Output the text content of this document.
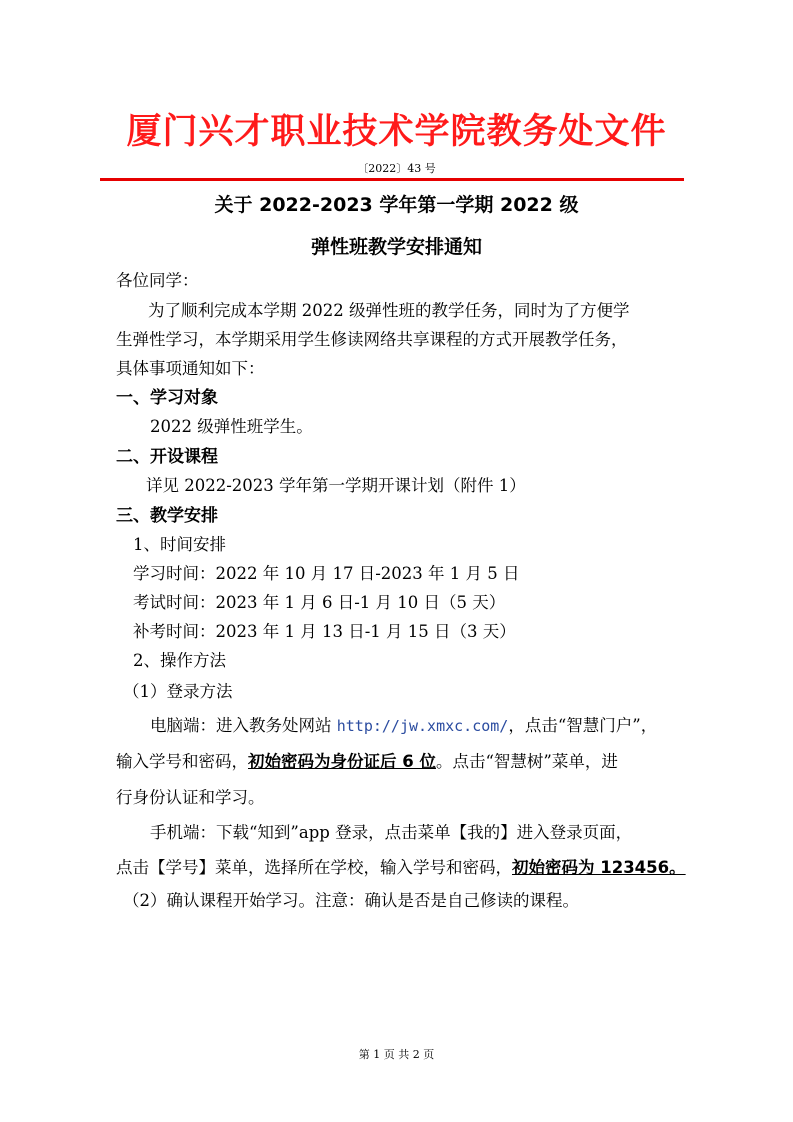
厦门兴才职业技术学院教务处文件
〔2022〕43 号
关于 2022-2023 学年第一学期 2022 级
弹性班教学安排通知
各位同学：
为了顺利完成本学期 2022 级弹性班的教学任务，同时为了方便学
生弹性学习，本学期采用学生修读网络共享课程的方式开展教学任务，
具体事项通知如下：
一、学习对象
2022 级弹性班学生。
二、开设课程
详见 2022-2023 学年第一学期开课计划（附件 1）
三、教学安排
1、时间安排
学习时间：2022 年 10 月 17 日-2023 年 1 月 5 日
考试时间：2023 年 1 月 6 日-1 月 10 日（5 天）
补考时间：2023 年 1 月 13 日-1 月 15 日（3 天）
2、操作方法
（1）登录方法
电脑端：进入教务处网站 http://jw.xmxc.com/，点击“智慧门户”，
输入学号和密码，初始密码为身份证后 6 位。点击“智慧树”菜单，进
行身份认证和学习。
手机端：下载“知到”app 登录，点击菜单【我的】进入登录页面，
点击【学号】菜单，选择所在学校，输入学号和密码，初始密码为 123456。
（2）确认课程开始学习。注意：确认是否是自己修读的课程。
第 1 页 共 2 页
